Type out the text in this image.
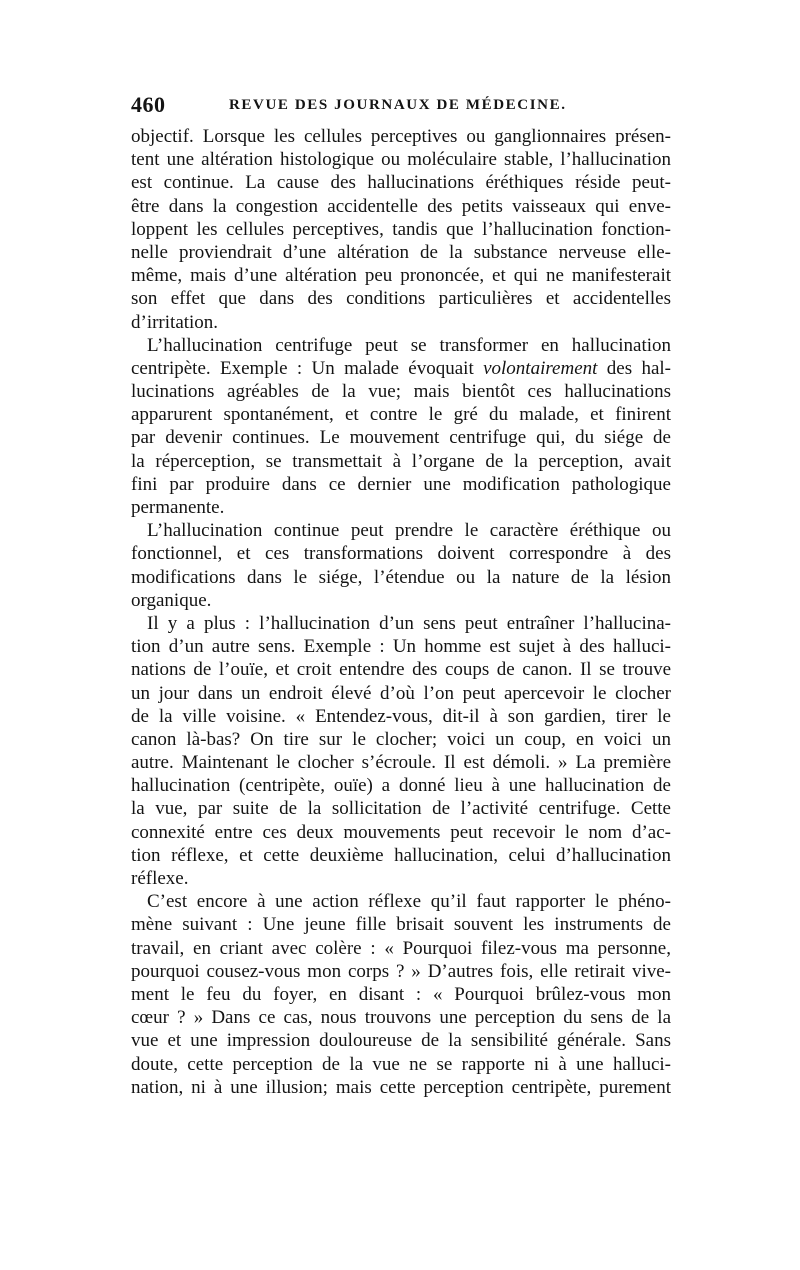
460	REVUE DES JOURNAUX DE MÉDECINE.
objectif. Lorsque les cellules perceptives ou ganglionnaires présen-
tent une altération histologique ou moléculaire stable, l’hallucination
est continue. La cause des hallucinations éréthiques réside peut-
être dans la congestion accidentelle des petits vaisseaux qui enve-
loppent les cellules perceptives, tandis que l’hallucination fonction-
nelle proviendrait d’une altération de la substance nerveuse elle-
même, mais d’une altération peu prononcée, et qui ne manifesterait
son effet que dans des conditions particulières et accidentelles
d’irritation.
L’hallucination centrifuge peut se transformer en hallucination
centripète. Exemple : Un malade évoquait volontairement des hal-
lucinations agréables de la vue; mais bientôt ces hallucinations
apparurent spontanément, et contre le gré du malade, et finirent
par devenir continues. Le mouvement centrifuge qui, du siége de
la réperception, se transmettait à l’organe de la perception, avait
fini par produire dans ce dernier une modification pathologique
permanente.
L’hallucination continue peut prendre le caractère éréthique ou
fonctionnel, et ces transformations doivent correspondre à des
modifications dans le siége, l’étendue ou la nature de la lésion
organique.
Il y a plus : l’hallucination d’un sens peut entraîner l’hallucina-
tion d’un autre sens. Exemple : Un homme est sujet à des halluci-
nations de l’ouïe, et croit entendre des coups de canon. Il se trouve
un jour dans un endroit élevé d’où l’on peut apercevoir le clocher
de la ville voisine. « Entendez-vous, dit-il à son gardien, tirer le
canon là-bas? On tire sur le clocher; voici un coup, en voici un
autre. Maintenant le clocher s’écroule. Il est démoli. » La première
hallucination (centripète, ouïe) a donné lieu à une hallucination de
la vue, par suite de la sollicitation de l’activité centrifuge. Cette
connexité entre ces deux mouvements peut recevoir le nom d’ac-
tion réflexe, et cette deuxième hallucination, celui d’hallucination
réflexe.
C’est encore à une action réflexe qu’il faut rapporter le phéno-
mène suivant : Une jeune fille brisait souvent les instruments de
travail, en criant avec colère : « Pourquoi filez-vous ma personne,
pourquoi cousez-vous mon corps ? » D’autres fois, elle retirait vive-
ment le feu du foyer, en disant : « Pourquoi brûlez-vous mon
cœur ? » Dans ce cas, nous trouvons une perception du sens de la
vue et une impression douloureuse de la sensibilité générale. Sans
doute, cette perception de la vue ne se rapporte ni à une halluci-
nation, ni à une illusion; mais cette perception centripète, purement
